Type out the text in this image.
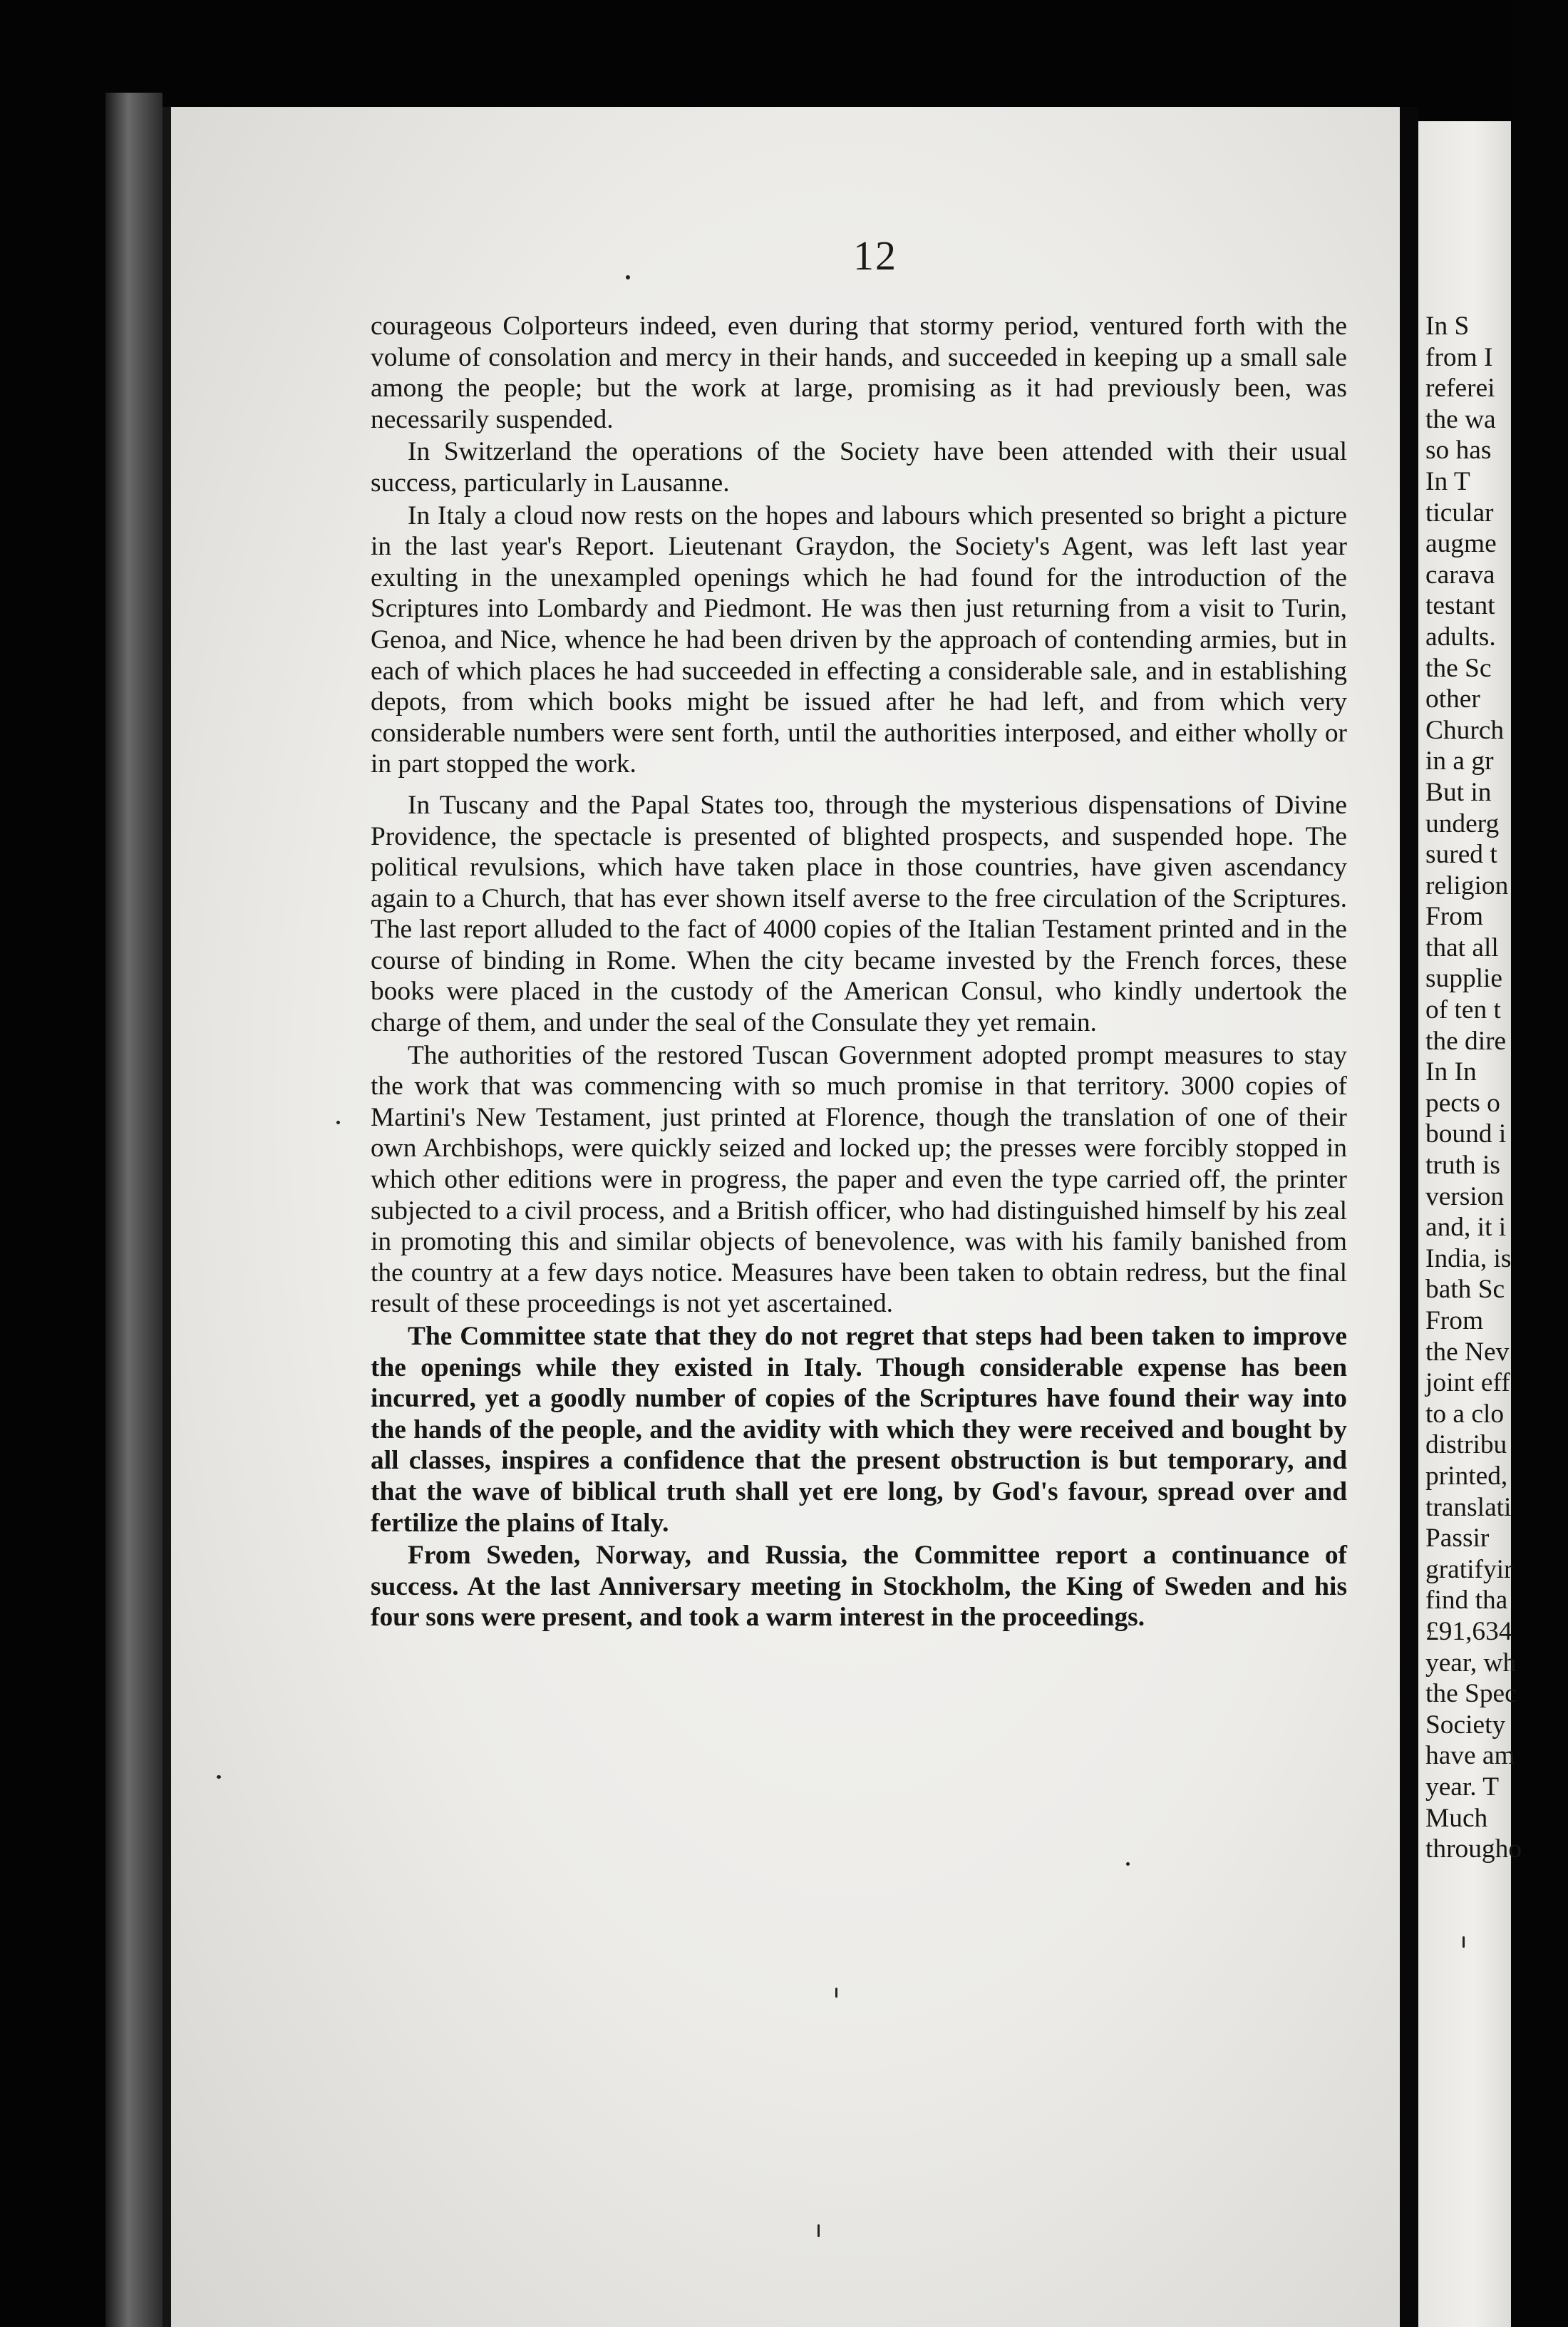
12

courageous Colporteurs indeed, even during that stormy period, ventured forth with the volume of consolation and mercy in their hands, and succeeded in keeping up a small sale among the people; but the work at large, promising as it had previously been, was necessarily suspended.

In Switzerland the operations of the Society have been attended with their usual success, particularly in Lausanne.

In Italy a cloud now rests on the hopes and labours which presented so bright a picture in the last year's Report. Lieutenant Graydon, the Society's Agent, was left last year exulting in the unexampled openings which he had found for the introduction of the Scriptures into Lombardy and Piedmont. He was then just returning from a visit to Turin, Genoa, and Nice, whence he had been driven by the approach of contending armies, but in each of which places he had succeeded in effecting a considerable sale, and in establishing depots, from which books might be issued after he had left, and from which very considerable numbers were sent forth, until the authorities interposed, and either wholly or in part stopped the work.

In Tuscany and the Papal States too, through the mysterious dispensations of Divine Providence, the spectacle is presented of blighted prospects, and suspended hope. The political revulsions, which have taken place in those countries, have given ascendancy again to a Church, that has ever shown itself averse to the free circulation of the Scriptures. The last report alluded to the fact of 4000 copies of the Italian Testament printed and in the course of binding in Rome. When the city became invested by the French forces, these books were placed in the custody of the American Consul, who kindly undertook the charge of them, and under the seal of the Consulate they yet remain.

The authorities of the restored Tuscan Government adopted prompt measures to stay the work that was commencing with so much promise in that territory. 3000 copies of Martini's New Testament, just printed at Florence, though the translation of one of their own Archbishops, were quickly seized and locked up; the presses were forcibly stopped in which other editions were in progress, the paper and even the type carried off, the printer subjected to a civil process, and a British officer, who had distinguished himself by his zeal in promoting this and similar objects of benevolence, was with his family banished from the country at a few days notice. Measures have been taken to obtain redress, but the final result of these proceedings is not yet ascertained.

The Committee state that they do not regret that steps had been taken to improve the openings while they existed in Italy. Though considerable expense has been incurred, yet a goodly number of copies of the Scriptures have found their way into the hands of the people, and the avidity with which they were received and bought by all classes, inspires a confidence that the present obstruction is but temporary, and that the wave of biblical truth shall yet ere long, by God's favour, spread over and fertilize the plains of Italy.

From Sweden, Norway, and Russia, the Committee report a continuance of success. At the last Anniversary meeting in Stockholm, the King of Sweden and his four sons were present, and took a warm interest in the proceedings.

In S
from I
referei
the wa
so has
In T
ticular
augme
carava
testant
adults.
the Sc
other
Church
in a gr
But in
underg
sured t
religion
From
that all
supplie
of ten t
the dire
In In
pects o
bound i
truth is
version
and, it i
India, is
bath Sc
From
the Nev
joint eff
to a clo
distribu
printed,
translati
Passir
gratifyir
find tha
£91,634
year, wh
the Spec
Society
have am
year. T
Much
througho
